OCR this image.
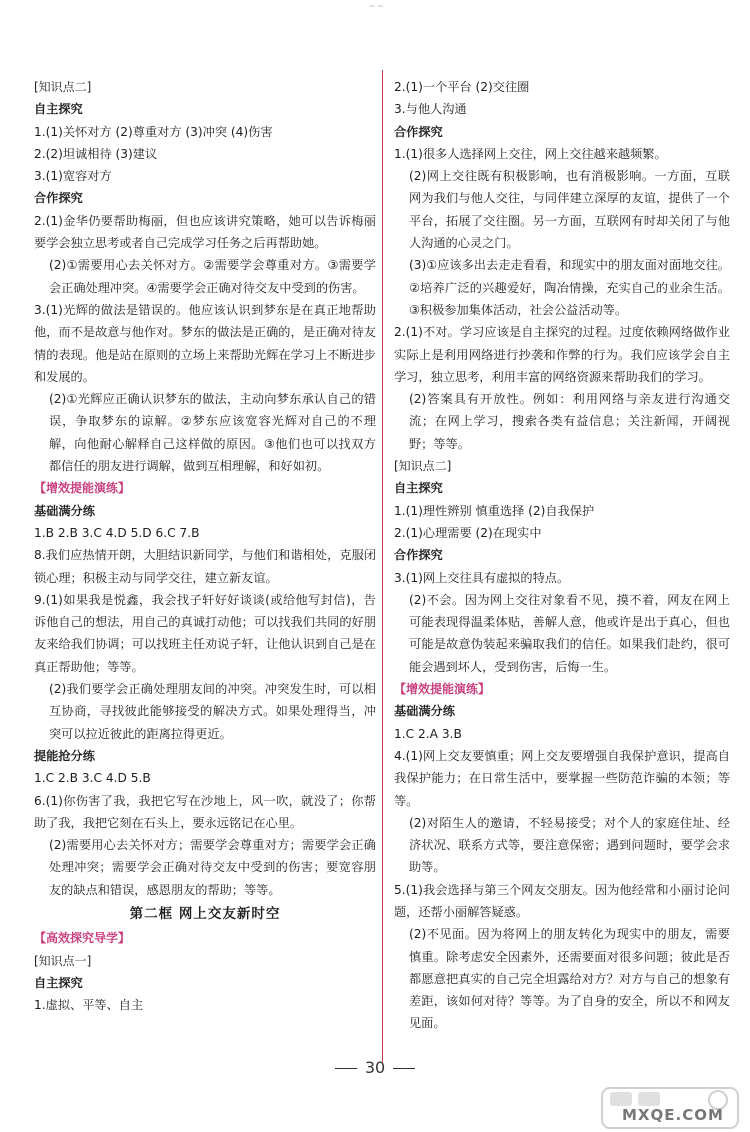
~~

[知识点二]

自主探究

1.(1)关怀对方 (2)尊重对方 (3)冲突 (4)伤害

2.(2)坦诚相待 (3)建议

3.(1)宽容对方

合作探究

2.(1)金华仍要帮助梅丽，但也应该讲究策略，她可以告诉梅丽要学会独立思考或者自己完成学习任务之后再帮助她。

(2)①需要用心去关怀对方。②需要学会尊重对方。③需要学会正确处理冲突。④需要学会正确对待交友中受到的伤害。

3.(1)光辉的做法是错误的。他应该认识到梦东是在真正地帮助他，而不是故意与他作对。梦东的做法是正确的，是正确对待友情的表现。他是站在原则的立场上来帮助光辉在学习上不断进步和发展的。

(2)①光辉应正确认识梦东的做法，主动向梦东承认自己的错误，争取梦东的谅解。②梦东应该宽容光辉对自己的不理解，向他耐心解释自己这样做的原因。③他们也可以找双方都信任的朋友进行调解，做到互相理解，和好如初。

【增效提能演练】

基础满分练

1.B 2.B 3.C 4.D 5.D 6.C 7.B

8.我们应热情开朗，大胆结识新同学，与他们和谐相处，克服闭锁心理；积极主动与同学交往，建立新友谊。

9.(1)如果我是悦鑫，我会找子轩好好谈谈(或给他写封信)，告诉他自己的想法，用自己的真诚打动他；可以找我们共同的好朋友来给我们协调；可以找班主任劝说子轩，让他认识到自己是在真正帮助他；等等。

(2)我们要学会正确处理朋友间的冲突。冲突发生时，可以相互协商，寻找彼此能够接受的解决方式。如果处理得当，冲突可以拉近彼此的距离拉得更近。

提能抢分练

1.C 2.B 3.C 4.D 5.B

6.(1)你伤害了我，我把它写在沙地上，风一吹，就没了；你帮助了我，我把它刻在石头上，要永远铭记在心里。

(2)需要用心去关怀对方；需要学会尊重对方；需要学会正确处理冲突；需要学会正确对待交友中受到的伤害；要宽容朋友的缺点和错误，感恩朋友的帮助；等等。

第二框 网上交友新时空

【高效探究导学】

[知识点一]

自主探究

1.虚拟、平等、自主

2.(1)一个平台 (2)交往圈

3.与他人沟通

合作探究

1.(1)很多人选择网上交往，网上交往越来越频繁。

(2)网上交往既有积极影响，也有消极影响。一方面，互联网为我们与他人交往，与同伴建立深厚的友谊，提供了一个平台，拓展了交往圈。另一方面，互联网有时却关闭了与他人沟通的心灵之门。

(3)①应该多出去走走看看，和现实中的朋友面对面地交往。②培养广泛的兴趣爱好，陶冶情操，充实自己的业余生活。③积极参加集体活动，社会公益活动等。

2.(1)不对。学习应该是自主探究的过程。过度依赖网络做作业实际上是利用网络进行抄袭和作弊的行为。我们应该学会自主学习，独立思考，利用丰富的网络资源来帮助我们的学习。

(2)答案具有开放性。例如：利用网络与亲友进行沟通交流；在网上学习，搜索各类有益信息；关注新闻，开阔视野；等等。

[知识点二]

自主探究

1.(1)理性辨别 慎重选择 (2)自我保护

2.(1)心理需要 (2)在现实中

合作探究

3.(1)网上交往具有虚拟的特点。

(2)不会。因为网上交往对象看不见，摸不着，网友在网上可能表现得温柔体贴，善解人意，他或许是出于真心，但也可能是故意伪装起来骗取我们的信任。如果我们赴约，很可能会遇到坏人，受到伤害，后悔一生。

【增效提能演练】

基础满分练

1.C 2.A 3.B

4.(1)网上交友要慎重；网上交友要增强自我保护意识，提高自我保护能力；在日常生活中，要掌握一些防范诈骗的本领；等等。

(2)对陌生人的邀请，不轻易接受；对个人的家庭住址、经济状况、联系方式等，要注意保密；遇到问题时，要学会求助等。

5.(1)我会选择与第三个网友交朋友。因为他经常和小丽讨论问题，还帮小丽解答疑惑。

(2)不见面。因为将网上的朋友转化为现实中的朋友，需要慎重。除考虑安全因素外，还需要面对很多问题；彼此是否都愿意把真实的自己完全坦露给对方？对方与自己的想象有差距，该如何对待？等等。为了自身的安全，所以不和网友见面。

30
MXQE.COM
